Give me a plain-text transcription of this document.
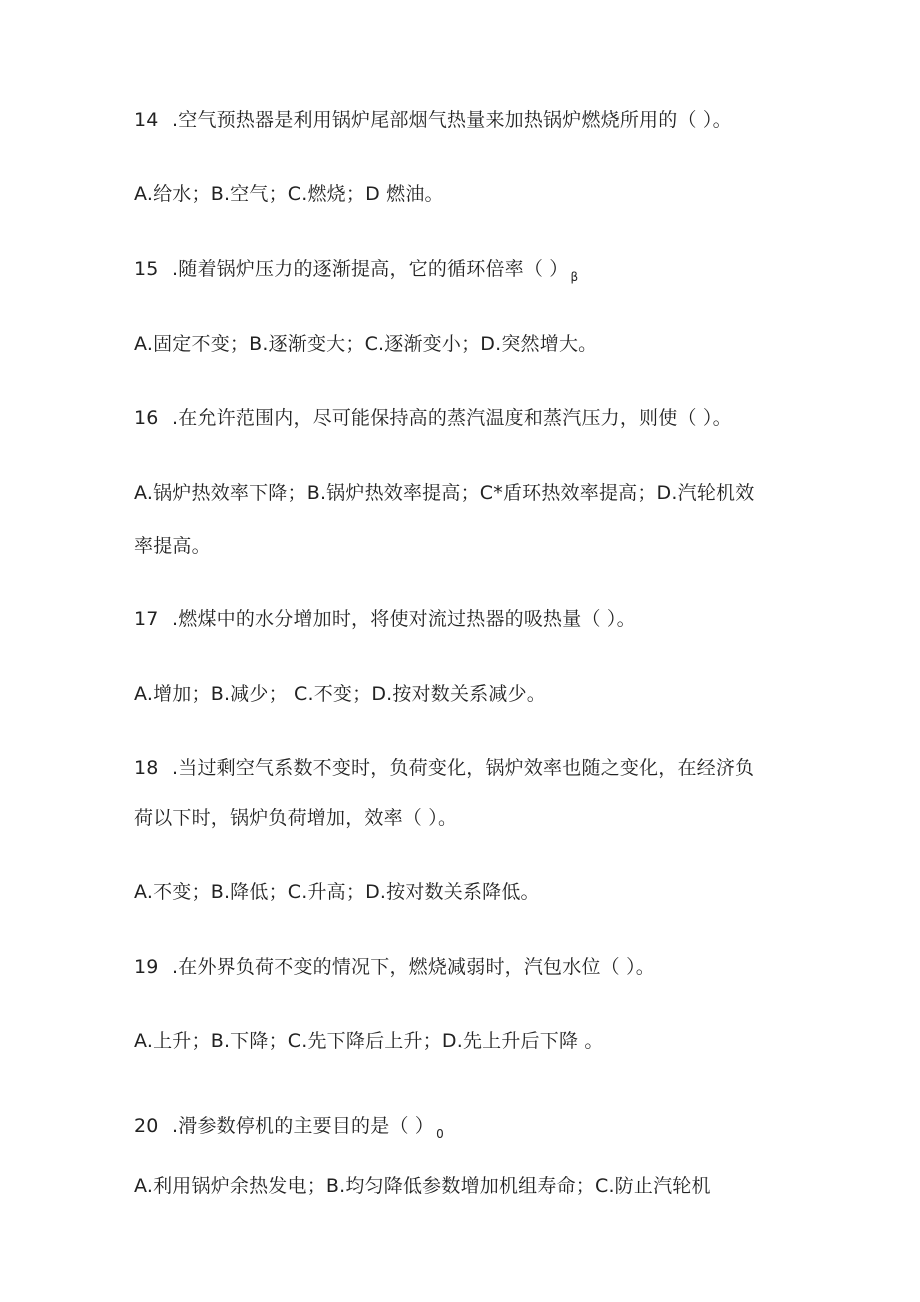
14 .空气预热器是利用锅炉尾部烟气热量来加热锅炉燃烧所用的（ ）。
A.给水；B.空气；C.燃烧；D 燃油。
15 .随着锅炉压力的逐渐提高，它的循环倍率（ ） $_\beta$
A.固定不变；B.逐渐变大；C.逐渐变小；D.突然增大。
16 .在允许范围内，尽可能保持高的蒸汽温度和蒸汽压力，则使（ ）。
A.锅炉热效率下降；B.锅炉热效率提高；C*盾环热效率提高；D.汽轮机效
率提高。
17 .燃煤中的水分增加时，将使对流过热器的吸热量（ ）。
A.增加；B.减少； C.不变；D.按对数关系减少。
18 .当过剩空气系数不变时，负荷变化，锅炉效率也随之变化，在经济负
荷以下时，锅炉负荷增加，效率（ ）。
A.不变；B.降低；C.升高；D.按对数关系降低。
19 .在外界负荷不变的情况下，燃烧减弱时，汽包水位（ ）。
A.上升；B.下降；C.先下降后上升；D.先上升后下降 。
20 .滑参数停机的主要目的是（ ） $_0$
A.利用锅炉余热发电；B.均匀降低参数增加机组寿命；C.防止汽轮机
